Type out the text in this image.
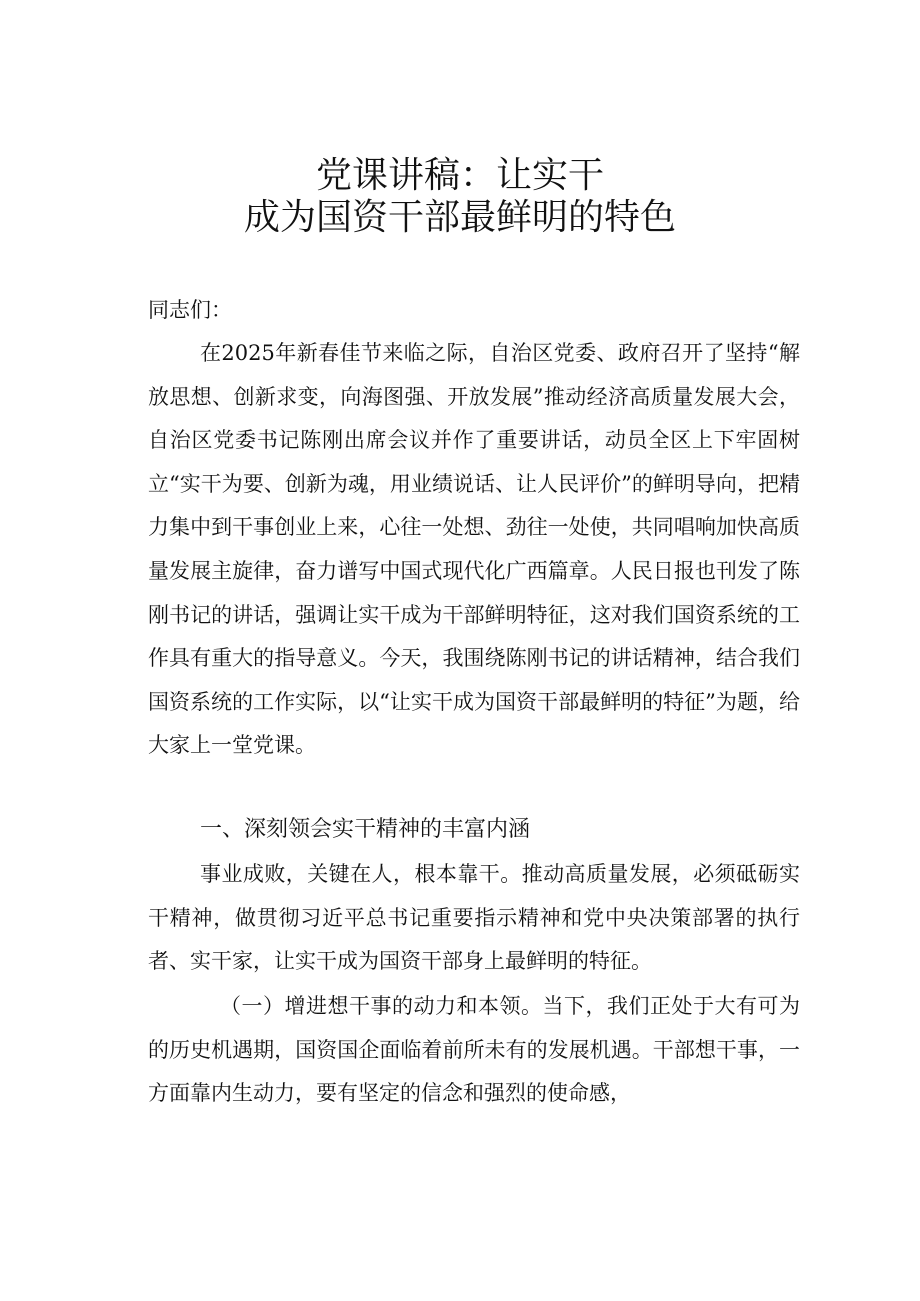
党课讲稿：让实干
成为国资干部最鲜明的特色
同志们：
在2025年新春佳节来临之际，自治区党委、政府召开了坚持“解放思想、创新求变，向海图强、开放发展”推动经济高质量发展大会，自治区党委书记陈刚出席会议并作了重要讲话，动员全区上下牢固树立“实干为要、创新为魂，用业绩说话、让人民评价”的鲜明导向，把精力集中到干事创业上来，心往一处想、劲往一处使，共同唱响加快高质量发展主旋律，奋力谱写中国式现代化广西篇章。人民日报也刊发了陈刚书记的讲话，强调让实干成为干部鲜明特征，这对我们国资系统的工作具有重大的指导意义。今天，我围绕陈刚书记的讲话精神，结合我们国资系统的工作实际，以“让实干成为国资干部最鲜明的特征”为题，给大家上一堂党课。
一、深刻领会实干精神的丰富内涵
事业成败，关键在人，根本靠干。推动高质量发展，必须砥砺实干精神，做贯彻习近平总书记重要指示精神和党中央决策部署的执行者、实干家，让实干成为国资干部身上最鲜明的特征。
（一）增进想干事的动力和本领。当下，我们正处于大有可为的历史机遇期，国资国企面临着前所未有的发展机遇。干部想干事，一方面靠内生动力，要有坚定的信念和强烈的使命感，
